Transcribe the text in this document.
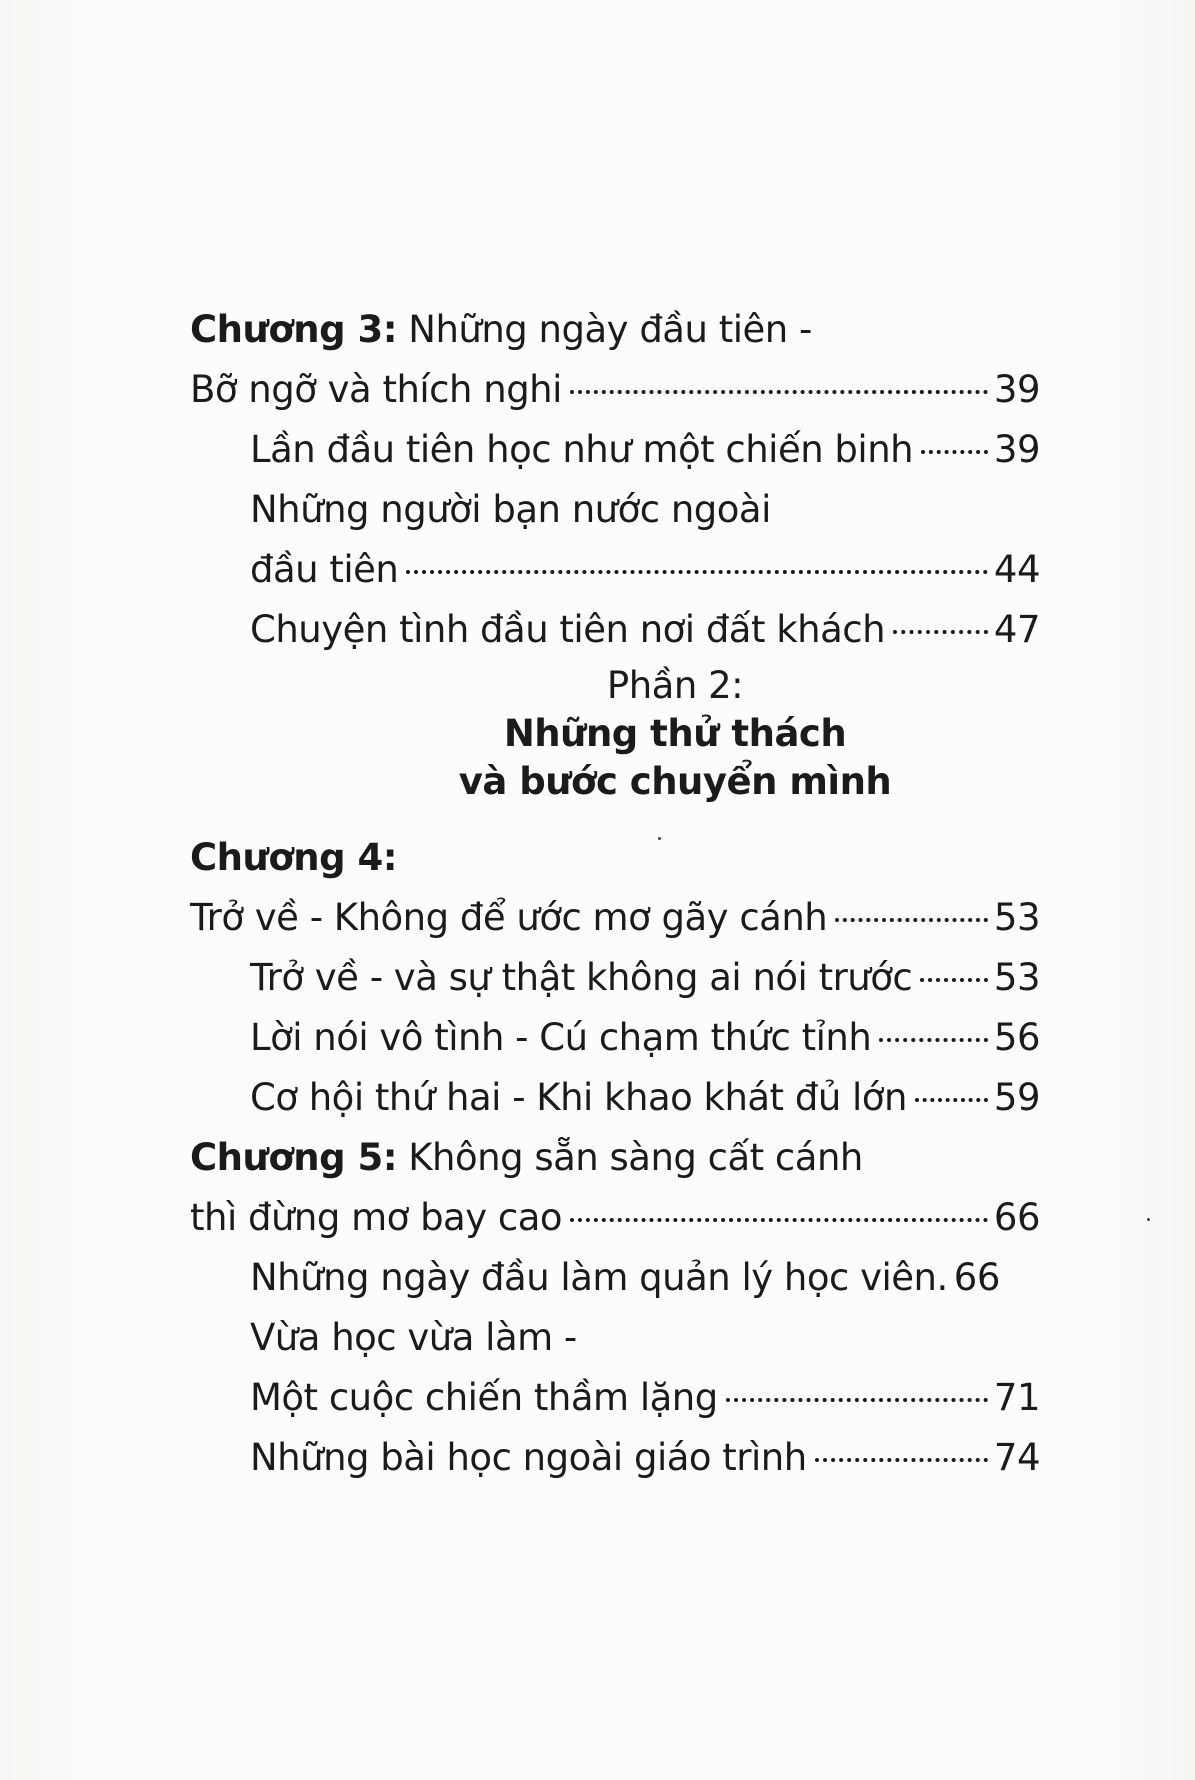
Chương 3: Những ngày đầu tiên -
Bỡ ngỡ và thích nghi	39
Lần đầu tiên học như một chiến binh 39
Những người bạn nước ngoài
đầu tiên	44
Chuyện tình đầu tiên nơi đất khách	47
Phần 2:
Những thử thách
và bước chuyển mình
Chương 4:
Trở về - Không để ước mơ gãy cánh	53
Trở về - và sự thật không ai nói trước 53
Lời nói vô tình - Cú chạm thức tỉnh	56
Cơ hội thứ hai - Khi khao khát đủ lớn 59
Chương 5: Không sẵn sàng cất cánh
thì đừng mơ bay cao	66
Những ngày đầu làm quản lý học viên. 66
Vừa học vừa làm -
Một cuộc chiến thầm lặng	71
Những bài học ngoài giáo trình	74
